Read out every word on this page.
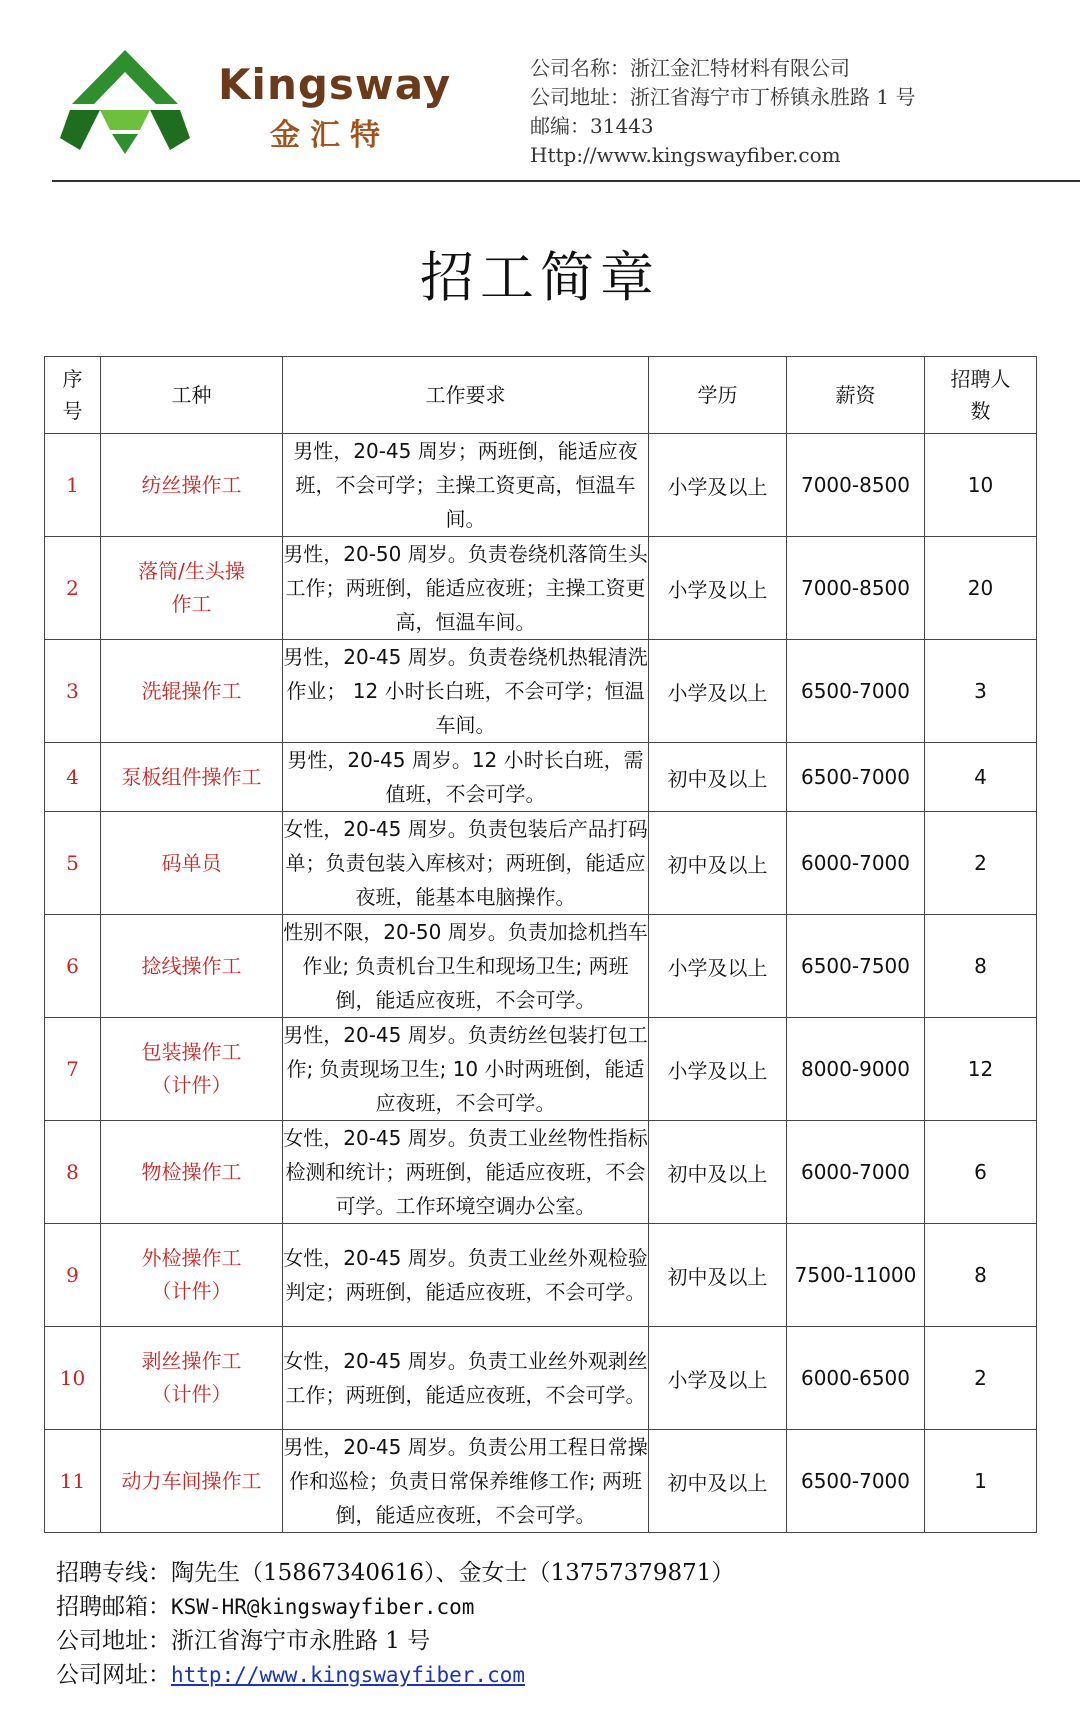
Kingsway
金汇特
公司名称：浙江金汇特材料有限公司
公司地址：浙江省海宁市丁桥镇永胜路 1 号
邮编：31443
Http://www.kingswayfiber.com
招工简章
序号	工种	工作要求	学历	薪资	招聘人数
1	纺丝操作工	男性，20-45 周岁；两班倒，能适应夜班，不会可学；主操工资更高，恒温车间。	小学及以上	7000-8500	10
2	落筒/生头操作工	男性，20-50 周岁。负责卷绕机落筒生头工作；两班倒，能适应夜班；主操工资更高，恒温车间。	小学及以上	7000-8500	20
3	洗辊操作工	男性，20-45 周岁。负责卷绕机热辊清洗作业； 12 小时长白班，不会可学；恒温车间。	小学及以上	6500-7000	3
4	泵板组件操作工	男性，20-45 周岁。12 小时长白班，需值班，不会可学。	初中及以上	6500-7000	4
5	码单员	女性，20-45 周岁。负责包装后产品打码单；负责包装入库核对；两班倒，能适应夜班，能基本电脑操作。	初中及以上	6000-7000	2
6	捻线操作工	性别不限，20-50 周岁。负责加捻机挡车作业; 负责机台卫生和现场卫生; 两班倒，能适应夜班，不会可学。	小学及以上	6500-7500	8
7	包装操作工（计件）	男性，20-45 周岁。负责纺丝包装打包工作; 负责现场卫生; 10 小时两班倒，能适应夜班，不会可学。	小学及以上	8000-9000	12
8	物检操作工	女性，20-45 周岁。负责工业丝物性指标检测和统计；两班倒，能适应夜班，不会可学。工作环境空调办公室。	初中及以上	6000-7000	6
9	外检操作工（计件）	女性，20-45 周岁。负责工业丝外观检验判定；两班倒，能适应夜班，不会可学。	初中及以上	7500-11000	8
10	剥丝操作工（计件）	女性，20-45 周岁。负责工业丝外观剥丝工作；两班倒，能适应夜班，不会可学。	小学及以上	6000-6500	2
11	动力车间操作工	男性，20-45 周岁。负责公用工程日常操作和巡检；负责日常保养维修工作; 两班倒，能适应夜班，不会可学。	初中及以上	6500-7000	1
招聘专线：陶先生（15867340616）、金女士（13757379871）
招聘邮箱：KSW-HR@kingswayfiber.com
公司地址：浙江省海宁市永胜路 1 号
公司网址：http://www.kingswayfiber.com
